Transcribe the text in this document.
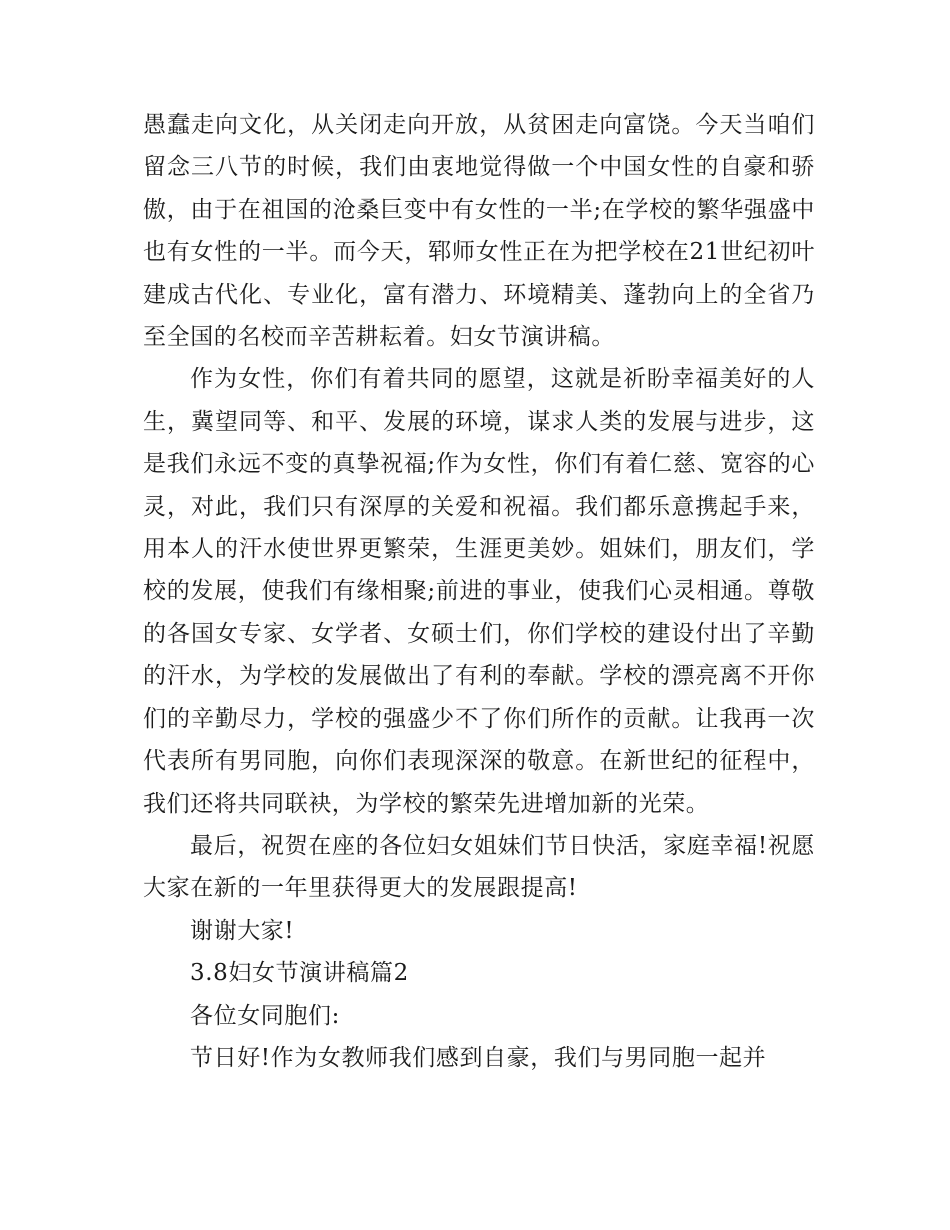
愚蠢走向文化，从关闭走向开放，从贫困走向富饶。今天当咱们留念三八节的时候，我们由衷地觉得做一个中国女性的自豪和骄傲，由于在祖国的沧桑巨变中有女性的一半;在学校的繁华强盛中也有女性的一半。而今天，郓师女性正在为把学校在21世纪初叶建成古代化、专业化，富有潜力、环境精美、蓬勃向上的全省乃至全国的名校而辛苦耕耘着。妇女节演讲稿。

作为女性，你们有着共同的愿望，这就是祈盼幸福美好的人生，冀望同等、和平、发展的环境，谋求人类的发展与进步，这是我们永远不变的真挚祝福;作为女性，你们有着仁慈、宽容的心灵，对此，我们只有深厚的关爱和祝福。我们都乐意携起手来，用本人的汗水使世界更繁荣，生涯更美妙。姐妹们，朋友们，学校的发展，使我们有缘相聚;前进的事业，使我们心灵相通。尊敬的各国女专家、女学者、女硕士们，你们学校的建设付出了辛勤的汗水，为学校的发展做出了有利的奉献。学校的漂亮离不开你们的辛勤尽力，学校的强盛少不了你们所作的贡献。让我再一次代表所有男同胞，向你们表现深深的敬意。在新世纪的征程中，我们还将共同联袂，为学校的繁荣先进增加新的光荣。

最后，祝贺在座的各位妇女姐妹们节日快活，家庭幸福!祝愿大家在新的一年里获得更大的发展跟提高!

谢谢大家!

3.8妇女节演讲稿篇2

各位女同胞们:

节日好!作为女教师我们感到自豪，我们与男同胞一起并
